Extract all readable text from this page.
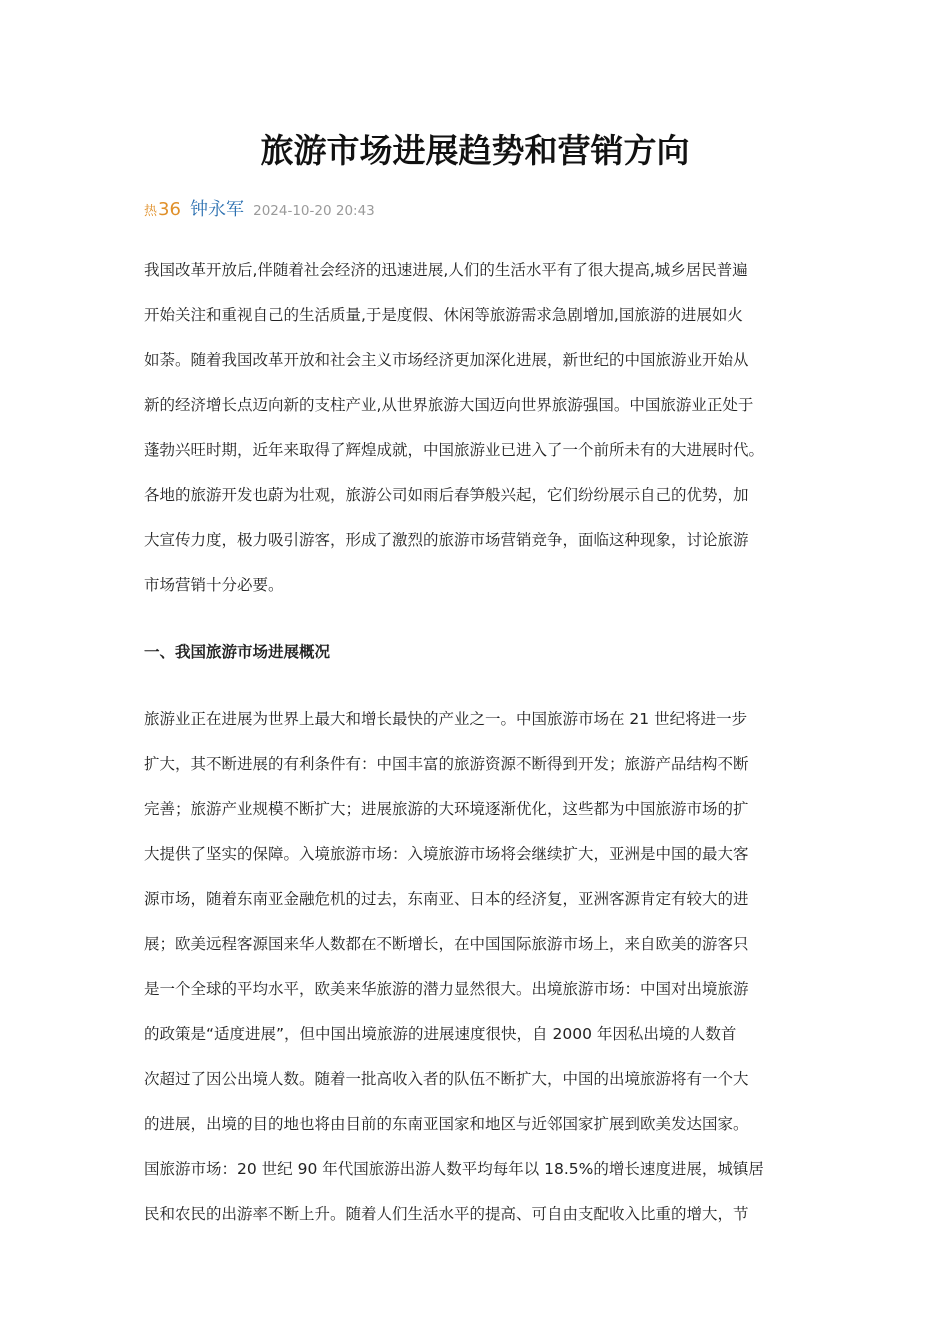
旅游市场进展趋势和营销方向
热36 钟永军 2024-10-20 20:43
我国改革开放后,伴随着社会经济的迅速进展,人们的生活水平有了很大提高,城乡居民普遍
开始关注和重视自己的生活质量,于是度假、休闲等旅游需求急剧增加,国旅游的进展如火
如荼。随着我国改革开放和社会主义市场经济更加深化进展，新世纪的中国旅游业开始从
新的经济增长点迈向新的支柱产业,从世界旅游大国迈向世界旅游强国。中国旅游业正处于
蓬勃兴旺时期，近年来取得了辉煌成就，中国旅游业已进入了一个前所未有的大进展时代。
各地的旅游开发也蔚为壮观，旅游公司如雨后春笋般兴起，它们纷纷展示自己的优势，加
大宣传力度，极力吸引游客，形成了激烈的旅游市场营销竞争，面临这种现象，讨论旅游
市场营销十分必要。
一、我国旅游市场进展概况
旅游业正在进展为世界上最大和增长最快的产业之一。中国旅游市场在 21 世纪将进一步
扩大，其不断进展的有利条件有：中国丰富的旅游资源不断得到开发；旅游产品结构不断
完善；旅游产业规模不断扩大；进展旅游的大环境逐渐优化，这些都为中国旅游市场的扩
大提供了坚实的保障。入境旅游市场：入境旅游市场将会继续扩大，亚洲是中国的最大客
源市场，随着东南亚金融危机的过去，东南亚、日本的经济复，亚洲客源肯定有较大的进
展；欧美远程客源国来华人数都在不断增长，在中国国际旅游市场上，来自欧美的游客只
是一个全球的平均水平，欧美来华旅游的潜力显然很大。出境旅游市场：中国对出境旅游
的政策是“适度进展”，但中国出境旅游的进展速度很快，自 2000 年因私出境的人数首
次超过了因公出境人数。随着一批高收入者的队伍不断扩大，中国的出境旅游将有一个大
的进展，出境的目的地也将由目前的东南亚国家和地区与近邻国家扩展到欧美发达国家。
国旅游市场：20 世纪 90 年代国旅游出游人数平均每年以 18.5%的增长速度进展，城镇居
民和农民的出游率不断上升。随着人们生活水平的提高、可自由支配收入比重的增大，节
